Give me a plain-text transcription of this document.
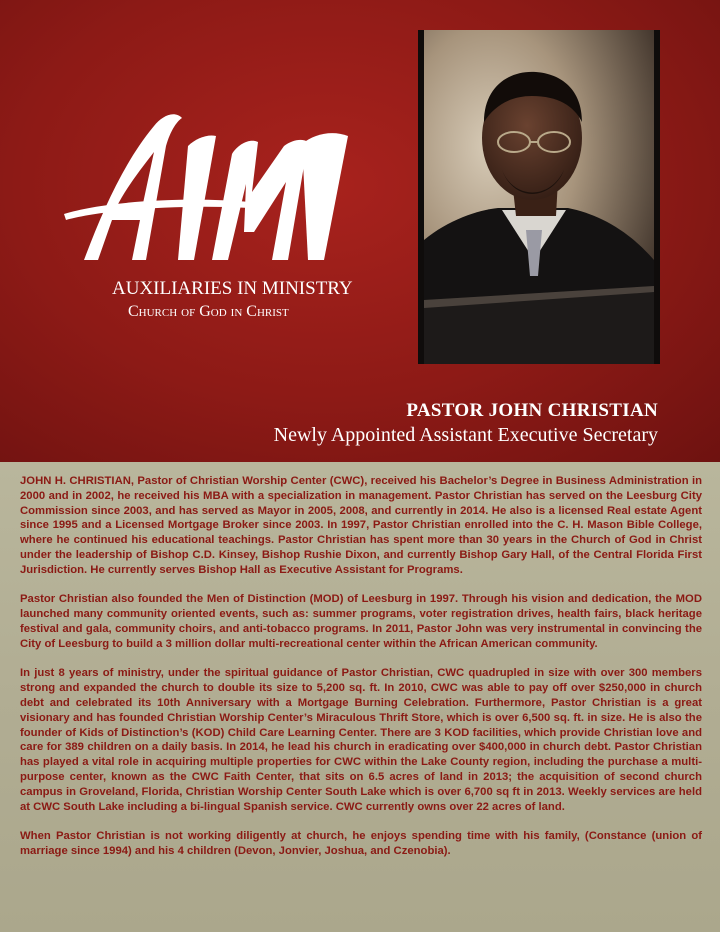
AUXILIARIES IN MINISTRY
Church of God in Christ
PASTOR JOHN CHRISTIAN
Newly Appointed Assistant Executive Secretary

JOHN H. CHRISTIAN, Pastor of Christian Worship Center (CWC), received his Bachelor’s Degree in Business Administration in 2000 and in 2002, he received his MBA with a specialization in management. Pastor Christian has served on the Leesburg City Commission since 2003, and has served as Mayor in 2005, 2008, and currently in 2014. He also is a licensed Real estate Agent since 1995 and a Licensed Mortgage Broker since 2003. In 1997, Pastor Christian enrolled into the C. H. Mason Bible College, where he continued his educational teachings. Pastor Christian has spent more than 30 years in the Church of God in Christ under the leadership of Bishop C.D. Kinsey, Bishop Rushie Dixon, and currently Bishop Gary Hall, of the Central Florida First Jurisdiction. He currently serves Bishop Hall as Executive Assistant for Programs.

Pastor Christian also founded the Men of Distinction (MOD) of Leesburg in 1997. Through his vision and dedication, the MOD launched many community oriented events, such as: summer programs, voter registration drives, health fairs, black heritage festival and gala, community choirs, and anti-tobacco programs. In 2011, Pastor John was very instrumental in convincing the City of Leesburg to build a 3 million dollar multi-recreational center within the African American community.

In just 8 years of ministry, under the spiritual guidance of Pastor Christian, CWC quadrupled in size with over 300 members strong and expanded the church to double its size to 5,200 sq. ft. In 2010, CWC was able to pay off over $250,000 in church debt and celebrated its 10th Anniversary with a Mortgage Burning Celebration. Furthermore, Pastor Christian is a great visionary and has founded Christian Worship Center’s Miraculous Thrift Store, which is over 6,500 sq. ft. in size. He is also the founder of Kids of Distinction’s (KOD) Child Care Learning Center. There are 3 KOD facilities, which provide Christian love and care for 389 children on a daily basis. In 2014, he lead his church in eradicating over $400,000 in church debt. Pastor Christian has played a vital role in acquiring multiple properties for CWC within the Lake County region, including the purchase a multi-purpose center, known as the CWC Faith Center, that sits on 6.5 acres of land in 2013; the acquisition of second church campus in Groveland, Florida, Christian Worship Center South Lake which is over 6,700 sq ft in 2013. Weekly services are held at CWC South Lake including a bi-lingual Spanish service. CWC currently owns over 22 acres of land.

When Pastor Christian is not working diligently at church, he enjoys spending time with his family, (Constance (union of marriage since 1994) and his 4 children (Devon, Jonvier, Joshua, and Czenobia).
